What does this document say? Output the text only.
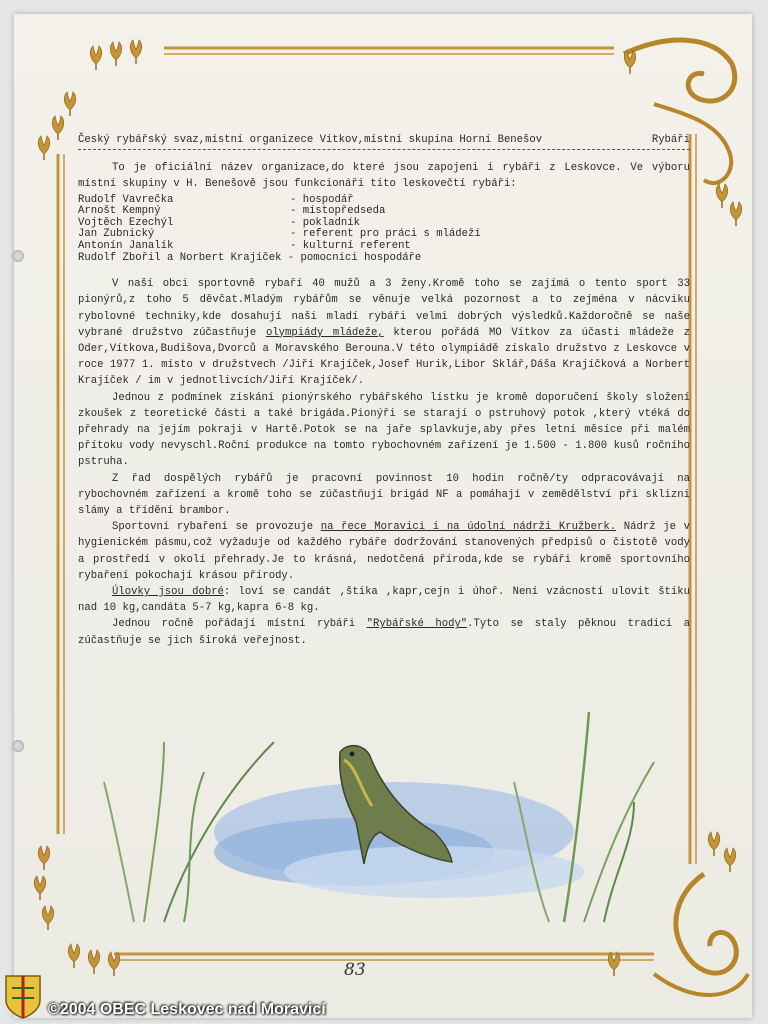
83
Český rybářský svaz,místní organizece Vítkov,místní skupina Horní Benešov	Rybáři

To je oficiální název organizace,do které jsou zapojeni i rybáři z Leskovce. Ve výboru místní skupiny v H. Benešově jsou funkcionáři tito leskovečtí rybáři:

Rudolf Vavrečka	- hospodář
Arnošt Kempný	- místopředseda
Vojtěch Ezechýl	- pokladník
Jan Zubnický	- referent pro práci s mládeží
Antonín Janalík	- kulturní referent
Rudolf Zbořil a Norbert Krajíček - pomocníci hospodáře

V naší obci sportovně rybaří 40 mužů a 3 ženy.Kromě toho se zajímá o tento sport 33 pionýrů,z toho 5 děvčat.Mladým rybářům se věnuje velká pozornost a to zejména v nácviku rybolovné techniky,kde dosahují naši mladí rybáři velmi dobrých výsledků.Každoročně se naše vybrané družstvo zúčastňuje olympiády mládeže, kterou pořádá MO Vítkov za účasti mládeže z Oder,Vítkova,Budišova,Dvorců a Moravského Berouna.V této olympiádě získalo družstvo z Leskovce v roce 1977 1. místo v družstvech /Jiří Krajíček,Josef Hurik,Libor Sklář,Dáša Krajíčková a Norbert Krajíček / im v jednotlivcích/Jiří Krajíček/.

Jednou z podmínek získání pionýrského rybářského lístku je kromě doporučení školy složení zkoušek z teoretické části a také brigáda.Pionýři se starají o pstruhový potok ,který vtéká do přehrady na jejím pokraji v Hartě.Potok se na jaře splavkuje,aby přes letní měsíce při malém přítoku vody nevyschl.Roční produkce na tomto rybochovném zařízení je 1.500 - 1.800 kusů ročního pstruha.

Z řad dospělých rybářů je pracovní povinnost 10 hodin ročně/ty odpracovávají na rybochovném zařízení a kromě toho se zúčastňují brigád NF a pomáhají v zemědělství při sklizni slámy a třídění brambor.

Sportovní rybaření se provozuje na řece Moravici i na údolní nádrži Kružberk. Nádrž je v hygienickém pásmu,což vyžaduje od každého rybáře dodržování stanovených předpisů o čistotě vody a prostředí v okolí přehrady.Je to krásná, nedotčená příroda,kde se rybáři kromě sportovního rybaření pokochají krásou přírody.

Úlovky jsou dobré: loví se candát ,štika ,kapr,cejn i úhoř. Není vzácností ulovit štiku nad 10 kg,candáta 5-7 kg,kapra 6-8 kg.

Jednou ročně pořádají místní rybáři "Rybářské hody".Tyto se staly pěknou tradicí a zúčastňuje se jich široká veřejnost.

©2004 OBEC Leskovec nad Moravicí
